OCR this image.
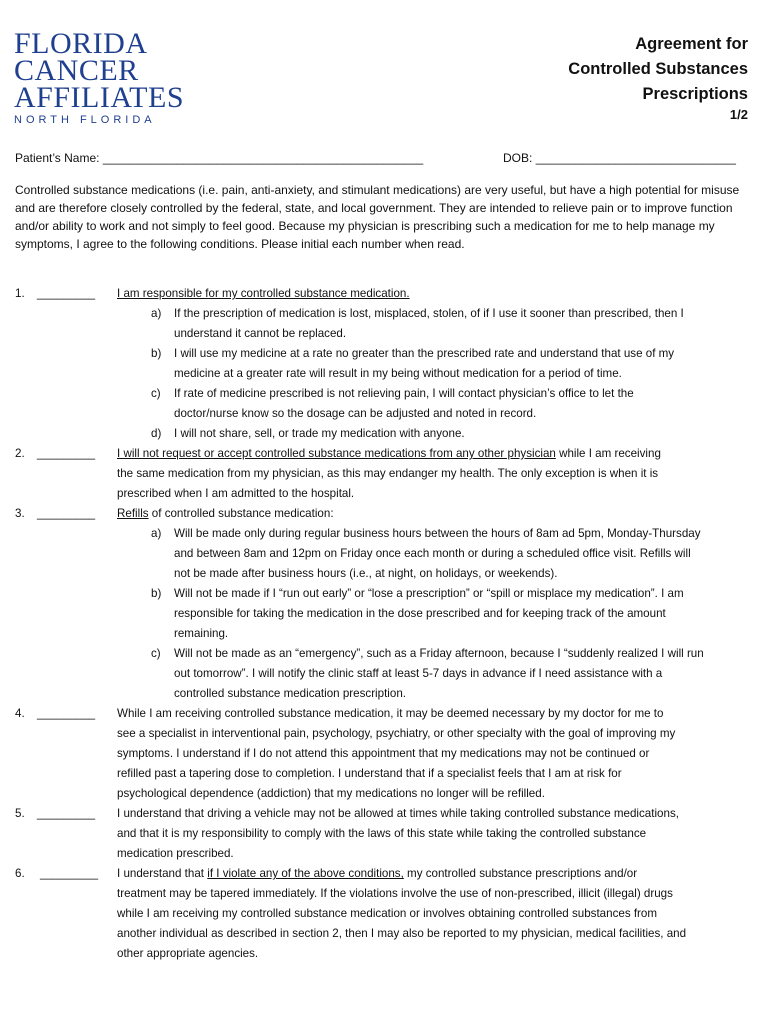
FLORIDA
CANCER
AFFILIATES
NORTH FLORIDA
Agreement for
Controlled Substances
Prescriptions
1/2
Patient’s Name: ________________________________________________	DOB: ______________________________
Controlled substance medications (i.e. pain, anti-anxiety, and stimulant medications) are very useful, but have a high potential for misuse and are therefore closely controlled by the federal, state, and local government. They are intended to relieve pain or to improve function and/or ability to work and not simply to feel good. Because my physician is prescribing such a medication for me to help manage my symptoms, I agree to the following conditions. Please initial each number when read.
1. _________ I am responsible for my controlled substance medication.
a) If the prescription of medication is lost, misplaced, stolen, of if I use it sooner than prescribed, then I
understand it cannot be replaced.
b) I will use my medicine at a rate no greater than the prescribed rate and understand that use of my
medicine at a greater rate will result in my being without medication for a period of time.
c) If rate of medicine prescribed is not relieving pain, I will contact physician’s office to let the
doctor/nurse know so the dosage can be adjusted and noted in record.
d) I will not share, sell, or trade my medication with anyone.
2. _________ I will not request or accept controlled substance medications from any other physician while I am receiving
the same medication from my physician, as this may endanger my health. The only exception is when it is
prescribed when I am admitted to the hospital.
3. _________ Refills of controlled substance medication:
a) Will be made only during regular business hours between the hours of 8am ad 5pm, Monday-Thursday
and between 8am and 12pm on Friday once each month or during a scheduled office visit. Refills will
not be made after business hours (i.e., at night, on holidays, or weekends).
b) Will not be made if I “run out early” or “lose a prescription” or “spill or misplace my medication”. I am
responsible for taking the medication in the dose prescribed and for keeping track of the amount
remaining.
c) Will not be made as an “emergency”, such as a Friday afternoon, because I “suddenly realized I will run
out tomorrow”. I will notify the clinic staff at least 5-7 days in advance if I need assistance with a
controlled substance medication prescription.
4. _________ While I am receiving controlled substance medication, it may be deemed necessary by my doctor for me to
see a specialist in interventional pain, psychology, psychiatry, or other specialty with the goal of improving my
symptoms. I understand if I do not attend this appointment that my medications may not be continued or
refilled past a tapering dose to completion. I understand that if a specialist feels that I am at risk for
psychological dependence (addiction) that my medications no longer will be refilled.
5. _________ I understand that driving a vehicle may not be allowed at times while taking controlled substance medications,
and that it is my responsibility to comply with the laws of this state while taking the controlled substance
medication prescribed.
6. _________ I understand that if I violate any of the above conditions, my controlled substance prescriptions and/or
treatment may be tapered immediately. If the violations involve the use of non-prescribed, illicit (illegal) drugs
while I am receiving my controlled substance medication or involves obtaining controlled substances from
another individual as described in section 2, then I may also be reported to my physician, medical facilities, and
other appropriate agencies.
